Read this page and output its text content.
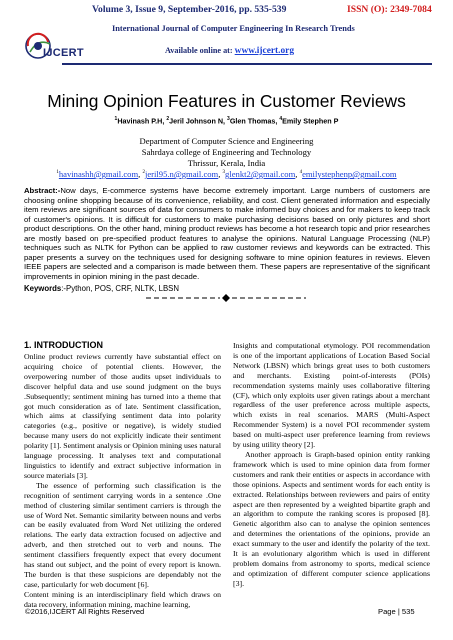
Volume 3, Issue 9, September-2016, pp. 535-539	ISSN (O): 2349-7084
IJCERT
International Journal of Computer Engineering In Research Trends
Available online at: www.ijcert.org
Mining Opinion Features in Customer Reviews
$^1$Havinash P.H, $^2$Jeril Johnson N, $^3$Glen Thomas, $^4$Emily Stephen P
Department of Computer Science and Engineering
Sahrdaya college of Engineering and Technology
Thrissur, Kerala, India
$^1$havinashh@gmail.com, $^2$jeril95.n@gmail.com, $^3$glenkt2@gmail.com, $^4$emilystephenp@gmail.com
Abstract:-Now days, E-commerce systems have become extremely important. Large numbers of customers are choosing online shopping because of its convenience, reliability, and cost. Client generated information and especially item reviews are significant sources of data for consumers to make informed buy choices and for makers to keep track of customer's opinions. It is difficult for customers to make purchasing decisions based on only pictures and short product descriptions. On the other hand, mining product reviews has become a hot research topic and prior researches are mostly based on pre-specified product features to analyse the opinions. Natural Language Processing (NLP) techniques such as NLTK for Python can be applied to raw customer reviews and keywords can be extracted. This paper presents a survey on the techniques used for designing software to mine opinion features in reviews. Eleven IEEE papers are selected and a comparison is made between them. These papers are representative of the significant improvements in opinion mining in the past decade.
Keywords:-Python, POS, CRF, NLTK, LBSN
1. INTRODUCTION

Online product reviews currently have substantial effect on acquiring choice of potential clients. However, the overpowering number of those audits upset individuals to discover helpful data and use sound judgment on the buys .Subsequently; sentiment mining has turned into a theme that got much consideration as of late. Sentiment classification, which aims at classifying sentiment data into polarity categories (e.g., positive or negative), is widely studied because many users do not explicitly indicate their sentiment polarity [1]. Sentiment analysis or Opinion mining uses natural language processing. It analyses text and computational linguistics to identify and extract subjective information in source materials [3].

The essence of performing such classification is the recognition of sentiment carrying words in a sentence .One method of clustering similar sentiment carriers is through the use of Word Net. Semantic similarity between nouns and verbs can be easily evaluated from Word Net utilizing the ordered relations. The early data extraction focused on adjective and adverb, and then stretched out to verb and nouns. The sentiment classifiers frequently expect that every document has stand out subject, and the point of every report is known. The burden is that these suspicions are dependably not the case, particularly for web document [6].

Content mining is an interdisciplinary field which draws on data recovery, information mining, machine learning,

Insights and computational etymology. POI recommendation is one of the important applications of Location Based Social Network (LBSN) which brings great uses to both customers and merchants. Existing point-of-interests (POIs) recommendation systems mainly uses collaborative filtering (CF), which only exploits user given ratings about a merchant regardless of the user preference across multiple aspects, which exists in real scenarios. MARS (Multi-Aspect Recommender System) is a novel POI recommender system based on multi-aspect user preference learning from reviews by using utility theory [2].

Another approach is Graph-based opinion entity ranking framework which is used to mine opinion data from former customers and rank their entities or aspects in accordance with those opinions. Aspects and sentiment words for each entity is extracted. Relationships between reviewers and pairs of entity aspect are then represented by a weighted bipartite graph and an algorithm to compute the ranking scores is proposed [8]. Genetic algorithm also can to analyse the opinion sentences and determines the orientations of the opinions, provide an exact summary to the user and identify the polarity of the text. It is an evolutionary algorithm which is used in different problem domains from astronomy to sports, medical science and optimization of different computer science applications [3].

©2016,IJCERT All Rights Reserved	Page | 535
